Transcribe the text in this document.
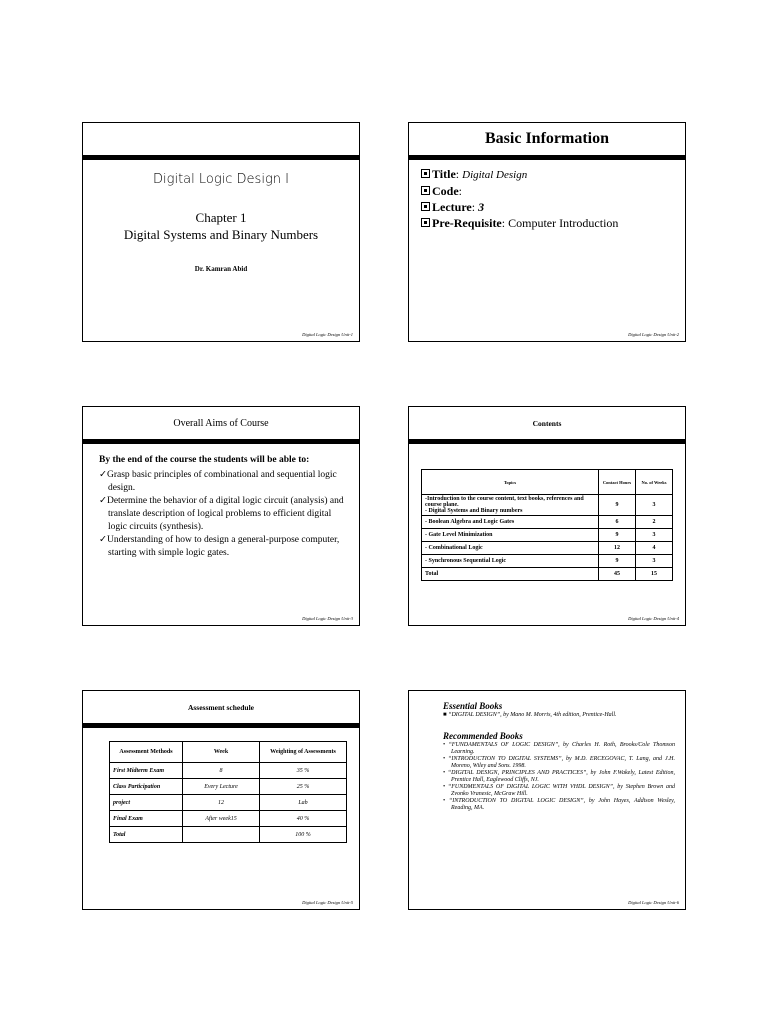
Digital Logic Design I
Chapter 1
Digital Systems and Binary Numbers
Dr. Kamran Abid
Digital Logic Design Unit-1
Basic Information
Title: Digital Design
Code:
Lecture: 3
Pre-Requisite: Computer Introduction
Digital Logic Design Unit-2
Overall Aims of Course
By the end of the course the students will be able to:
✓Grasp basic principles of combinational and sequential logic design.
✓Determine the behavior of a digital logic circuit (analysis) and translate description of logical problems to efficient digital logic circuits (synthesis).
✓Understanding of how to design a general-purpose computer, starting with simple logic gates.
Digital Logic Design Unit-3
Contents
Topics	Contact Hours	No. of Weeks
-Introduction to the course content, text books, references and course plane.
- Digital Systems and Binary numbers	9	3
- Boolean Algebra and Logic Gates	6	2
- Gate Level Minimization	9	3
- Combinational Logic	12	4
- Synchronous Sequential Logic	9	3
Total	45	15
Digital Logic Design Unit-4
Assessment schedule
Assessment Methods	Week	Weighting of Assessments
First Midterm Exam	8	35 %
Class Participation	Every Lecture	25 %
project	12	Lab
Final Exam	After week15	40 %
Total		100 %
Digital Logic Design Unit-5
Essential Books
■ “DIGITAL DESIGN”, by Mano M. Morris, 4th edition, Prentice-Hall.
Recommended Books
• “FUNDAMENTALS OF LOGIC DESIGN”, by Charles H. Roth, Brooks/Cole Thomson Learning.
• “INTRODUCTION TO DIGITAL SYSTEMS”, by M.D. ERCEGOVAC, T. Lang, and J.H. Moreno, Wiley and Sons. 1998.
• “DIGITAL DESIGN, PRINCIPLES AND PRACTICES”, by John F.Wakely, Latest Edition, Prentice Hall, Eaglewood Cliffs, NJ.
• “FUNDMENTALS OF DIGITAL LOGIC WITH VHDL DESIGN”, by Stephen Brown and Zvonko Vranesic, McGraw Hill.
• “INTRODUCTION TO DIGITAL LOGIC DESIGN”, by John Hayes, Addison Wesley, Reading, MA.
Digital Logic Design Unit-6
